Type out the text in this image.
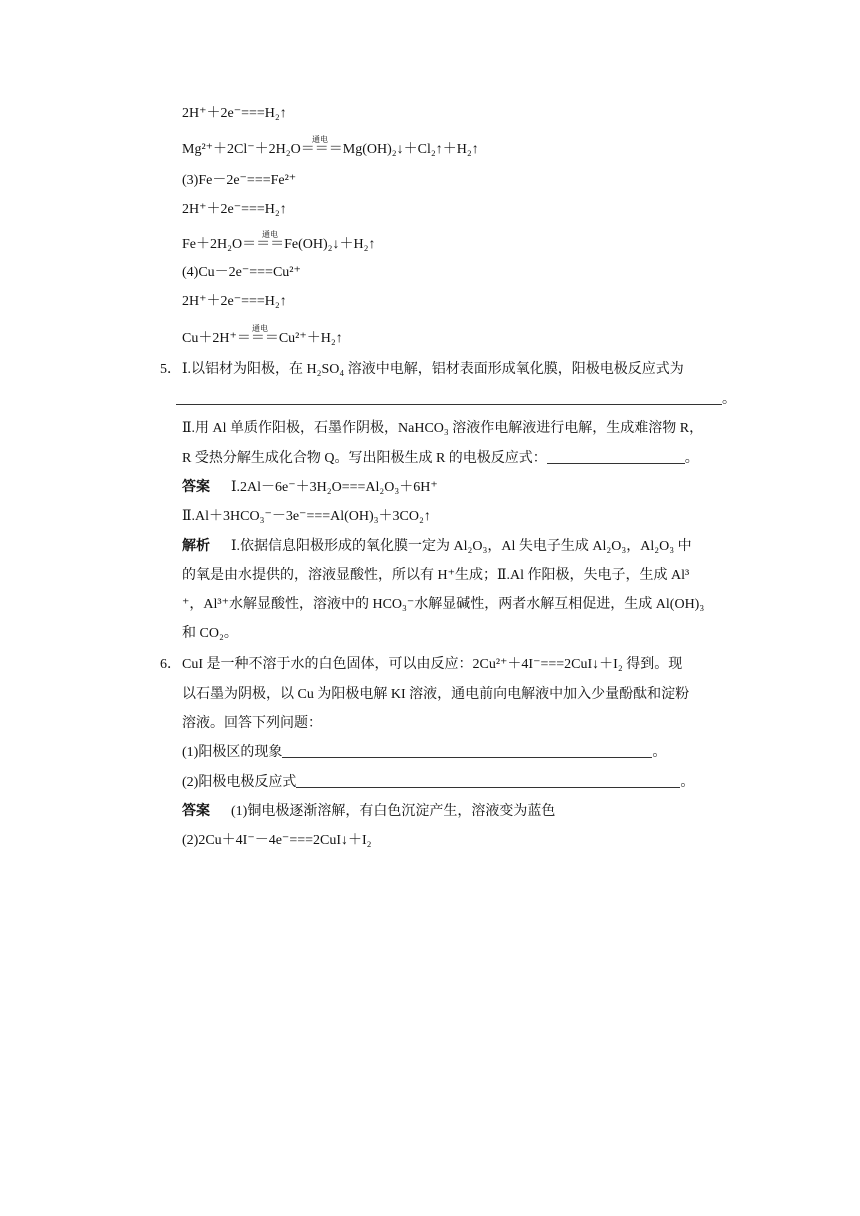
2H⁺＋2e⁻===H₂↑
Mg²⁺＋2Cl⁻＋2H₂O＝＝＝Mg(OH)₂↓＋Cl₂↑＋H₂↑
通电
(3)Fe－2e⁻===Fe²⁺
2H⁺＋2e⁻===H₂↑
Fe＋2H₂O＝＝＝Fe(OH)₂↓＋H₂↑
通电
(4)Cu－2e⁻===Cu²⁺
2H⁺＋2e⁻===H₂↑
Cu＋2H⁺＝＝＝Cu²⁺＋H₂↑
通电
5． Ⅰ.以铝材为阳极，在 H₂SO₄ 溶液中电解，铝材表面形成氧化膜，阳极电极反应式为
。
Ⅱ.用 Al 单质作阳极，石墨作阴极，NaHCO₃ 溶液作电解液进行电解，生成难溶物 R，
R 受热分解生成化合物 Q。写出阳极生成 R 的电极反应式：	。
答案 Ⅰ.2Al－6e⁻＋3H₂O===Al₂O₃＋6H⁺
Ⅱ.Al＋3HCO₃⁻－3e⁻===Al(OH)₃＋3CO₂↑
解析 Ⅰ.依据信息阳极形成的氧化膜一定为 Al₂O₃，Al 失电子生成 Al₂O₃，Al₂O₃ 中
的氧是由水提供的，溶液显酸性，所以有 H⁺生成；Ⅱ.Al 作阳极，失电子，生成 Al³
⁺，Al³⁺水解显酸性，溶液中的 HCO₃⁻水解显碱性，两者水解互相促进，生成 Al(OH)₃
和 CO₂。
6． CuI 是一种不溶于水的白色固体，可以由反应：2Cu²⁺＋4I⁻===2CuI↓＋I₂ 得到。现
以石墨为阴极，以 Cu 为阳极电解 KI 溶液，通电前向电解液中加入少量酚酞和淀粉
溶液。回答下列问题：
(1)阳极区的现象	。
(2)阳极电极反应式	。
答案 (1)铜电极逐渐溶解，有白色沉淀产生，溶液变为蓝色
(2)2Cu＋4I⁻－4e⁻===2CuI↓＋I₂
